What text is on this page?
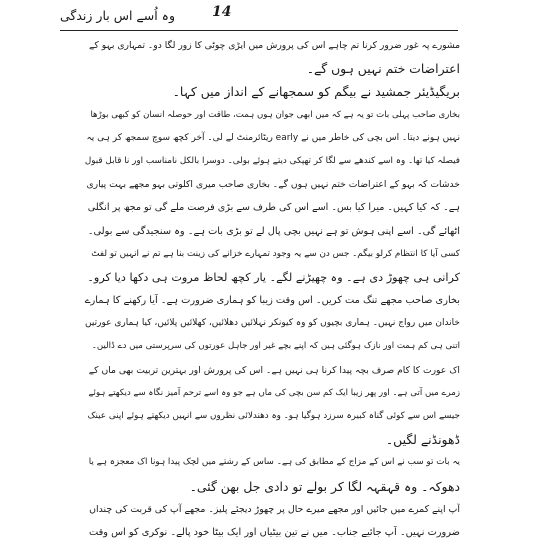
وہ اُسے اس بار زندگی	14
مشورے پہ غور ضرور کرنا تم چاہے اس کی پرورش میں ایڑی چوٹی کا زور لگا دو۔ تمہاری بہو کے
اعتراضات ختم نہیں ہوں گے۔
بریگیڈیئر جمشید نے بیگم کو سمجھانے کے انداز میں کہا۔
بخاری صاحب پہلی بات تو یہ ہے کہ میں ابھی جوان ہوں ہمت، طاقت اور حوصلہ انسان کو کبھی بوڑھا
نہیں ہونے دیتا۔ اس بچی کی خاطر میں نے early ریٹائرمنٹ لے لی۔ آخر کچھ سوچ سمجھ کر ہی یہ
فیصلہ کیا تھا۔ وہ اسے کندھے سے لگا کر تھپکی دیتے ہوئے بولی۔ دوسرا بالکل نامناسب اور نا قابل قبول
خدشات کہ بہو کے اعتراضات ختم نہیں ہوں گے۔ بخاری صاحب میری اکلوتی بہو مجھے بہت پیاری
ہے۔ کہ کیا کہیں۔ میرا کیا بس۔ اسے اس کی طرف سے بڑی فرصت ملے گی تو مجھ پر انگلی
اٹھائے گی۔ اسے اپنی ہوش تو ہے نہیں بچی پال لے تو بڑی بات ہے۔ وہ سنجیدگی سے بولی۔
کسی آیا کا انتظام کرلو بیگم۔ جس دن سے یہ وجود تمہارے خزانے کی زینت بنا ہے تم نے انہیں تو لفٹ
کرانی ہی چھوڑ دی ہے۔ وہ چھیڑنے لگے۔ یار کچھ لحاظ مروت ہی دکھا دیا کرو۔
بخاری صاحب مجھے تنگ مت کریں۔ اس وقت زیبا کو ہماری ضرورت ہے۔ آیا رکھنے کا ہمارے
خاندان میں رواج نہیں۔ ہماری بچیوں کو وہ کیونکر نہلائیں دھلائیں، کھلائیں پلائیں، کیا ہماری عورتیں
اتنی ہی کم ہمت اور نازک ہوگئی ہیں کہ اپنے بچے غیر اور جاہل عورتوں کی سرپرستی میں دے ڈالیں۔
اک عورت کا کام صرف بچہ پیدا کرنا ہی نہیں ہے۔ اس کی پرورش اور بہترین تربیت بھی ماں کے
زمرے میں آتی ہے۔ اور پھر زیبا ایک کم سن بچی کی ماں ہے جو وہ اسے ترحم آمیز نگاہ سے دیکھتے ہوئے
جیسے اس سے کوئی گناہ کبیرہ سرزد ہوگیا ہو۔ وہ دھندلائی نظروں سے انہیں دیکھتے ہوئے اپنی عینک
ڈھونڈنے لگیں۔
یہ بات تو سب نے اس کے مزاج کے مطابق کی ہے۔ ساس کے رشتے میں لچک پیدا ہونا اک معجزہ ہے یا
دھوکہ۔ وہ قہقہہ لگا کر بولے تو دادی جل بھن گئی۔
آپ اپنے کمرے میں جائیں اور مجھے میرے حال پر چھوڑ دیجئے پلیز۔ مجھے آپ کی قربت کی چنداں
ضرورت نہیں۔ آپ جائیے جناب۔ میں نے تین بیٹیاں اور ایک بیٹا خود پالے۔ نوکری کو اس وقت
